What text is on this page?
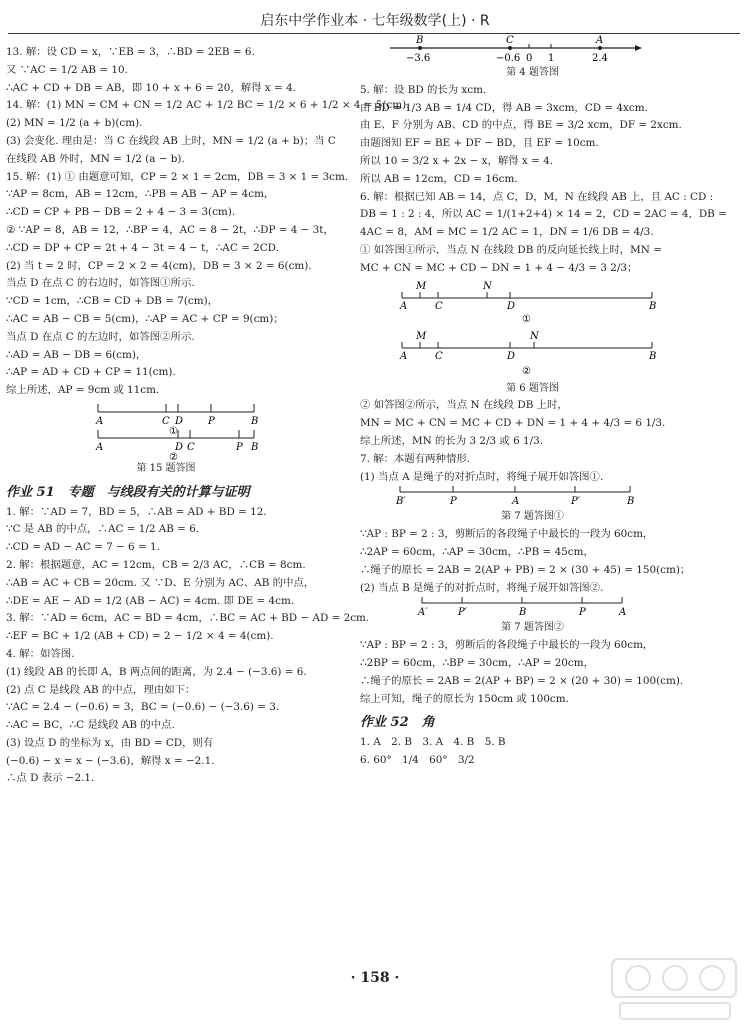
启东中学作业本 · 七年级数学(上) · R
13. 解：设 CD = x，∵EB = 3，∴BD = 2EB = 6.
又 ∵AC = 1/2 AB = 10.
∴AC + CD + DB = AB，即 10 + x + 6 = 20，解得 x = 4.
14. 解：(1) MN = CM + CN = 1/2 AC + 1/2 BC = 1/2 × 6 + 1/2 × 4 = 5(cm).
(2) MN = 1/2 (a + b)(cm).
(3) 会变化. 理由是：当 C 在线段 AB 上时，MN = 1/2 (a + b)；当 C
在线段 AB 外时，MN = 1/2 (a − b).
15. 解：(1) ① 由题意可知，CP = 2 × 1 = 2cm，DB = 3 × 1 = 3cm.
∵AP = 8cm，AB = 12cm，∴PB = AB − AP = 4cm，
∴CD = CP + PB − DB = 2 + 4 − 3 = 3(cm).
② ∵AP = 8，AB = 12，∴BP = 4，AC = 8 − 2t，∴DP = 4 − 3t，
∴CD = DP + CP = 2t + 4 − 3t = 4 − t，∴AC = 2CD.
(2) 当 t = 2 时，CP = 2 × 2 = 4(cm)，DB = 3 × 2 = 6(cm).
当点 D 在点 C 的右边时，如答图①所示.
∵CD = 1cm，∴CB = CD + DB = 7(cm)，
∴AC = AB − CB = 5(cm)，∴AP = AC + CP = 9(cm)；
当点 D 在点 C 的左边时，如答图②所示.
∴AD = AB − DB = 6(cm)，
∴AP = AD + CD + CP = 11(cm).
综上所述，AP = 9cm 或 11cm.
A	C D P	B
①
A	D C	P B
②
第 15 题答图
作业 51　专题　与线段有关的计算与证明
1. 解：∵AD = 7，BD = 5，∴AB = AD + BD = 12.
∵C 是 AB 的中点，∴AC = 1/2 AB = 6.
∴CD = AD − AC = 7 − 6 = 1.
2. 解：根据题意，AC = 12cm，CB = 2/3 AC，∴CB = 8cm.
∴AB = AC + CB = 20cm. 又 ∵D、E 分别为 AC、AB 的中点，
∴DE = AE − AD = 1/2 (AB − AC) = 4cm. 即 DE = 4cm.
3. 解：∵AD = 6cm，AC = BD = 4cm，∴BC = AC + BD − AD = 2cm.
∴EF = BC + 1/2 (AB + CD) = 2 − 1/2 × 4 = 4(cm).
4. 解：如答图.
(1) 线段 AB 的长即 A，B 两点间的距离，为 2.4 − (−3.6) = 6.
(2) 点 C 是线段 AB 的中点，理由如下：
∵AC = 2.4 − (−0.6) = 3，BC = (−0.6) − (−3.6) = 3.
∴AC = BC，∴C 是线段 AB 的中点.
(3) 设点 D 的坐标为 x，由 BD = CD，则有
(−0.6) − x = x − (−3.6)，解得 x = −2.1.
∴点 D 表示 −2.1.
B	C	A
−3.6	−0.6 0 1	2.4
第 4 题答图
5. 解：设 BD 的长为 xcm.
由 BD = 1/3 AB = 1/4 CD，得 AB = 3xcm，CD = 4xcm.
由 E、F 分别为 AB、CD 的中点，得 BE = 3/2 xcm，DF = 2xcm.
由题图知 EF = BE + DF − BD，且 EF = 10cm.
所以 10 = 3/2 x + 2x − x，解得 x = 4.
所以 AB = 12cm，CD = 16cm.
6. 解：根据已知 AB = 14，点 C，D，M，N 在线段 AB 上，且 AC : CD :
DB = 1 : 2 : 4，所以 AC = 1/(1+2+4) × 14 = 2，CD = 2AC = 4，DB =
4AC = 8，AM = MC = 1/2 AC = 1，DN = 1/6 DB = 4/3.
① 如答图①所示，当点 N 在线段 DB 的反向延长线上时，MN =
MC + CN = MC + CD − DN = 1 + 4 − 4/3 = 3 2/3；
M	N
A	C	D	B
①
M	N
A	C	D	B
②
第 6 题答图
② 如答图②所示，当点 N 在线段 DB 上时，
MN = MC + CN = MC + CD + DN = 1 + 4 + 4/3 = 6 1/3.
综上所述，MN 的长为 3 2/3 或 6 1/3.
7. 解：本题有两种情形.
(1) 当点 A 是绳子的对折点时，将绳子展开如答图①.
B′	P	A	P′	B
第 7 题答图①
∵AP : BP = 2 : 3，剪断后的各段绳子中最长的一段为 60cm，
∴2AP = 60cm，∴AP = 30cm，∴PB = 45cm，
∴绳子的原长 = 2AB = 2(AP + PB) = 2 × (30 + 45) = 150(cm)；
(2) 当点 B 是绳子的对折点时，将绳子展开如答图②.
A′	P′	B	P	A
第 7 题答图②
∵AP : BP = 2 : 3，剪断后的各段绳子中最长的一段为 60cm，
∴2BP = 60cm，∴BP = 30cm，∴AP = 20cm，
∴绳子的原长 = 2AB = 2(AP + BP) = 2 × (20 + 30) = 100(cm).
综上可知，绳子的原长为 150cm 或 100cm.
作业 52　角
1. A　2. B　3. A　4. B　5. B
6. 60°　1/4　60°　3/2
· 158 ·
